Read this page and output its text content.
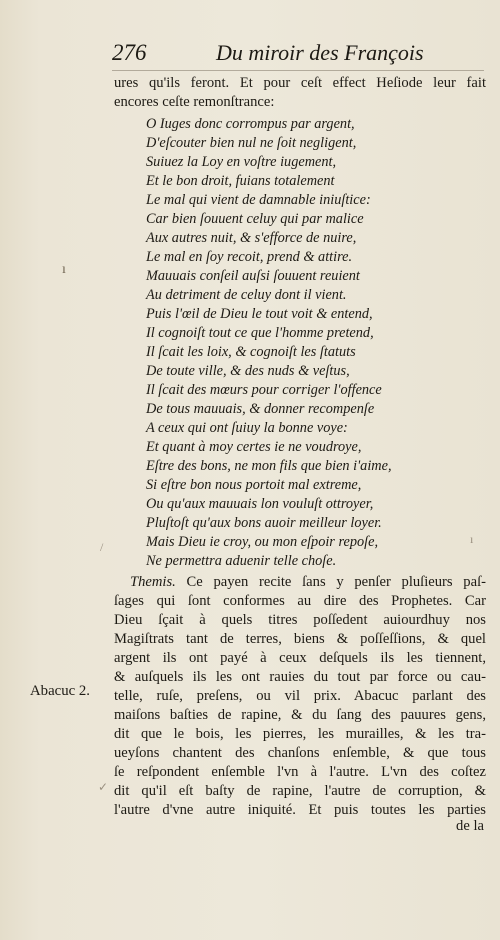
276	Du miroir des François
ures qu'ils feront. Et pour ceſt effect Heſiode leur fait
encores ceſte remonſtrance:
O Iuges donc corrompus par argent,
D'eſcouter bien nul ne ſoit negligent,
Suiuez la Loy en voſtre iugement,
Et le bon droit, fuians totalement
Le mal qui vient de damnable iniuſtice:
Car bien ſouuent celuy qui par malice
Aux autres nuit, & s'efforce de nuire,
Le mal en ſoy recoit, prend & attire.
Mauuais conſeil auſsi ſouuent reuient
Au detriment de celuy dont il vient.
Puis l'œil de Dieu le tout voit & entend,
Il cognoiſt tout ce que l'homme pretend,
Il ſcait les loix, & cognoiſt les ſtatuts
De toute ville, & des nuds & veſtus,
Il ſcait des mœurs pour corriger l'offence
De tous mauuais, & donner recompenſe
A ceux qui ont ſuiuy la bonne voye:
Et quant à moy certes ie ne voudroye,
Eſtre des bons, ne mon fils que bien i'aime,
Si eſtre bon nous portoit mal extreme,
Ou qu'aux mauuais lon vouluſt ottroyer,
Pluſtoſt qu'aux bons auoir meilleur loyer.
Mais Dieu ie croy, ou mon eſpoir repoſe,
Ne permettra aduenir telle choſe.
Themis. Ce payen recite ſans y penſer pluſieurs paſ-
ſages qui ſont conformes au dire des Prophetes. Car
Dieu ſçait à quels titres poſſedent auiourdhuy nos
Magiſtrats tant de terres, biens & poſſeſſions, & quel
argent ils ont payé à ceux deſquels ils les tiennent,
& auſquels ils les ont rauies du tout par force ou cau-
telle, ruſe, preſens, ou vil prix. Abacuc parlant des
maiſons baſties de rapine, & du ſang des pauures gens,
dit que le bois, les pierres, les murailles, & les tra-
ueyſons chantent des chanſons enſemble, & que tous
ſe reſpondent enſemble l'vn à l'autre. L'vn des coſtez
dit qu'il eſt baſty de rapine, l'autre de corruption, &
l'autre d'vne autre iniquité. Et puis toutes les parties
de la
Abacuc 2.
ı
/
✓
ı
